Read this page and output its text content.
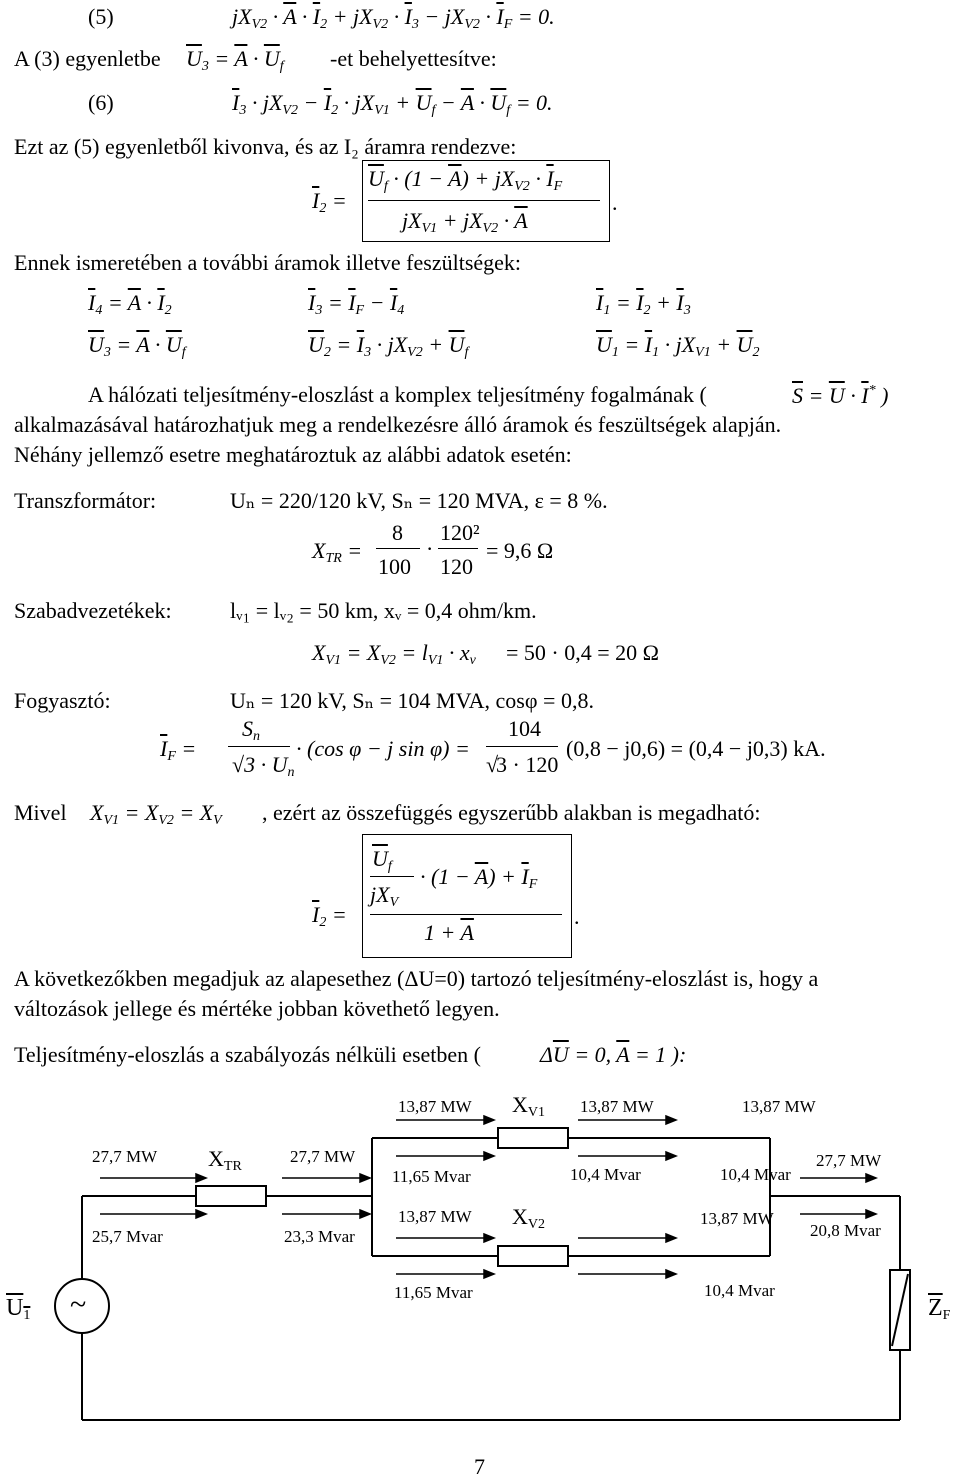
(5)	$jX_{V2} \cdot \overline{A} \cdot \overline{I}_2 + jX_{V2} \cdot \overline{I}_3 - jX_{V2} \cdot \overline{I}_F = 0$.
A (3) egyenletbe $\overline{U}_3 = \overline{A} \cdot \overline{U}_f$ -et behelyettesítve:
(6)	$\overline{I}_3 \cdot jX_{V2} - \overline{I}_2 \cdot jX_{V1} + \overline{U}_f - \overline{A} \cdot \overline{U}_f = 0$.
Ezt az (5) egyenletből kivonva, és az I₂ áramra rendezve:
$\overline{I}_2$ =
$\overline{U}_f \cdot (1 - \overline{A}) + jX_{V2} \cdot \overline{I}_F$
$jX_{V1} + jX_{V2} \cdot \overline{A}$
.
Ennek ismeretében a további áramok illetve feszültségek:
$\overline{I}_4 = \overline{A} \cdot \overline{I}_2$	$\overline{I}_3 = \overline{I}_F - \overline{I}_4$	$\overline{I}_1 = \overline{I}_2 + \overline{I}_3$
$\overline{U}_3 = \overline{A} \cdot \overline{U}_f$	$\overline{U}_2 = \overline{I}_3 \cdot jX_{V2} + \overline{U}_f$	$\overline{U}_1 = \overline{I}_1 \cdot jX_{V1} + \overline{U}_2$
A hálózati teljesítmény-eloszlást a komplex teljesítmény fogalmának (	$\overline{S} = \overline{U} \cdot \overline{I}^*$ )
alkalmazásával határozhatjuk meg a rendelkezésre álló áramok és feszültségek alapján.
Néhány jellemző esetre meghatároztuk az alábbi adatok esetén:
Transzformátor:	Uₙ = 220/120 kV, Sₙ = 120 MVA, ε = 8 %.
$X_{TR}$ =
8
100
·
120²
120
= 9,6 Ω
Szabadvezetékek:	lᵥ₁ = lᵥ₂ = 50 km, xᵥ = 0,4 ohm/km.
$X_{V1} = X_{V2} = l_{V1} \cdot x_v = 50 \cdot 0,4 = 20$ Ω
Fogyasztó:	Uₙ = 120 kV, Sₙ = 104 MVA, cosφ = 0,8.
$\overline{I}_F$ =
$S_n$
$√3 \cdot U_n$
· (cos φ − j sin φ) =
104
3 · 120
√
(0,8 − j0,6) = (0,4 − j0,3) kA.
Mivel $X_{V1} = X_{V2} = X_V$ , ezért az összefüggés egyszerűbb alakban is megadható:
$\overline{I}_2$ =
$\overline{U}_f$
$jX_V$
· $(1 - \overline{A}) + \overline{I}_F$
$1 + \overline{A}$
.
A következőkben megadjuk az alapesethez (ΔU=0) tartozó teljesítmény-eloszlást is, hogy a
változások jellege és mértéke jobban követhető legyen.
Teljesítmény-eloszlás a szabályozás nélküli esetben (	$\Delta\overline{U} = 0$, $\overline{A} = 1$ ):
27,7 MW
25,7 Mvar
$X_{TR}$
27,7 MW
23,3 Mvar
13,87 MW
11,65 Mvar
$X_{V1}$ 13,87 MW
10,4 Mvar
13,87 MW
10,4 Mvar
13,87 MW
11,65 Mvar
$X_{V2}$	13,87 MW
10,4 Mvar
27,7 MW
20,8 Mvar
$U_1$ ~	$\overline{Z}_F$
7
